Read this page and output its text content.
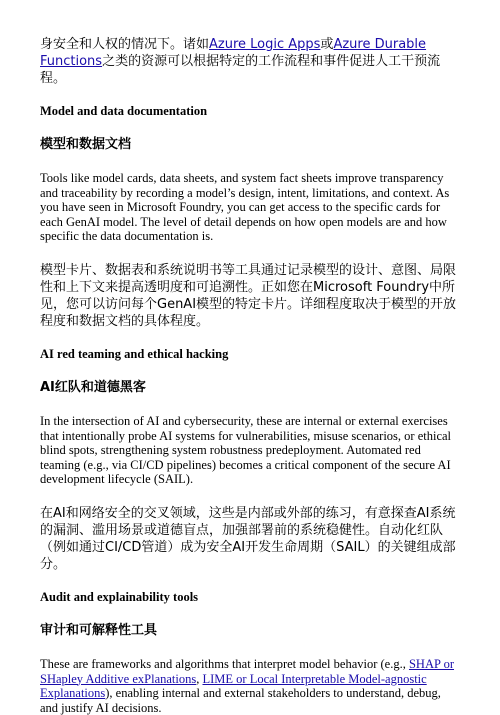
身安全和人权的情况下。诸如Azure Logic Apps或Azure Durable Functions之类的资源可以根据特定的工作流程和事件促进人工干预流程。

Model and data documentation

模型和数据文档

Tools like model cards, data sheets, and system fact sheets improve transparency and traceability by recording a model’s design, intent, limitations, and context. As you have seen in Microsoft Foundry, you can get access to the specific cards for each GenAI model. The level of detail depends on how open models are and how specific the data documentation is.

模型卡片、数据表和系统说明书等工具通过记录模型的设计、意图、局限性和上下文来提高透明度和可追溯性。正如您在Microsoft Foundry中所见，您可以访问每个GenAI模型的特定卡片。详细程度取决于模型的开放程度和数据文档的具体程度。

AI red teaming and ethical hacking

AI红队和道德黑客

In the intersection of AI and cybersecurity, these are internal or external exercises that intentionally probe AI systems for vulnerabilities, misuse scenarios, or ethical blind spots, strengthening system robustness predeployment. Automated red teaming (e.g., via CI/CD pipelines) becomes a critical component of the secure AI development lifecycle (SAIL).

在AI和网络安全的交叉领域，这些是内部或外部的练习，有意探查AI系统的漏洞、滥用场景或道德盲点，加强部署前的系统稳健性。自动化红队（例如通过CI/CD管道）成为安全AI开发生命周期（SAIL）的关键组成部分。

Audit and explainability tools

审计和可解释性工具

These are frameworks and algorithms that interpret model behavior (e.g., SHAP or SHapley Additive exPlanations, LIME or Local Interpretable Model-agnostic Explanations), enabling internal and external stakeholders to understand, debug, and justify AI decisions.
